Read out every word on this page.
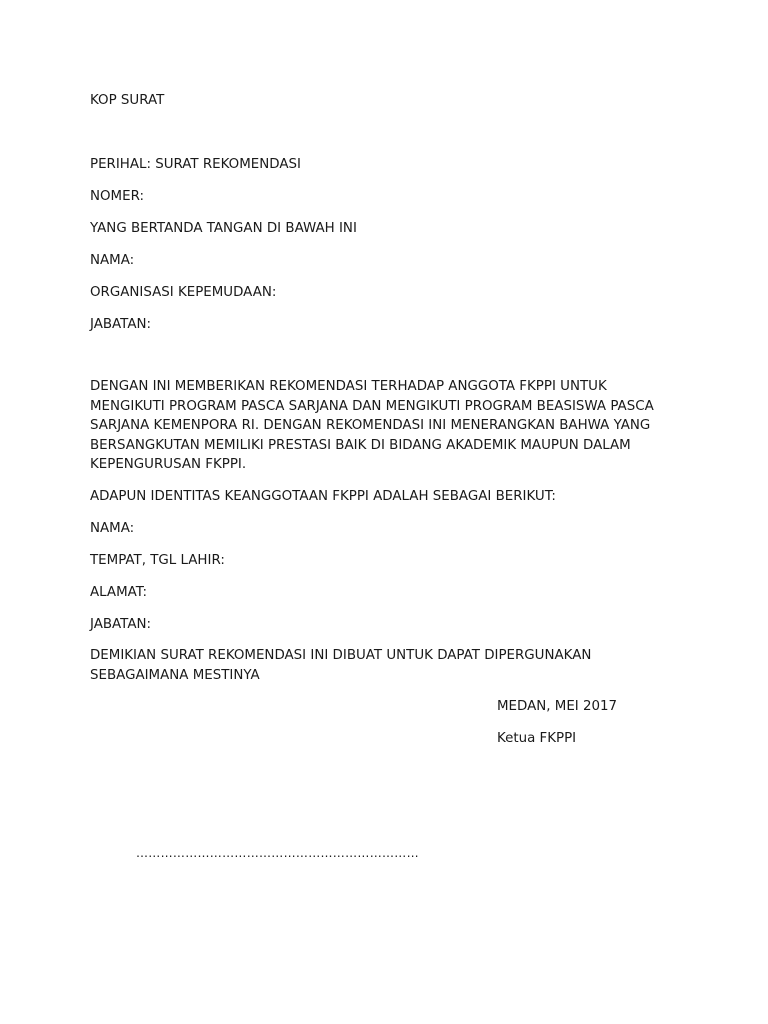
KOP SURAT
PERIHAL: SURAT REKOMENDASI
NOMER:
YANG BERTANDA TANGAN DI BAWAH INI
NAMA:
ORGANISASI KEPEMUDAAN:
JABATAN:
DENGAN INI MEMBERIKAN REKOMENDASI TERHADAP ANGGOTA FKPPI UNTUK
MENGIKUTI PROGRAM PASCA SARJANA DAN MENGIKUTI PROGRAM BEASISWA PASCA
SARJANA KEMENPORA RI. DENGAN REKOMENDASI INI MENERANGKAN BAHWA YANG
BERSANGKUTAN MEMILIKI PRESTASI BAIK DI BIDANG AKADEMIK MAUPUN DALAM
KEPENGURUSAN FKPPI.
ADAPUN IDENTITAS KEANGGOTAAN FKPPI ADALAH SEBAGAI BERIKUT:
NAMA:
TEMPAT, TGL LAHIR:
ALAMAT:
JABATAN:
DEMIKIAN SURAT REKOMENDASI INI DIBUAT UNTUK DAPAT DIPERGUNAKAN
SEBAGAIMANA MESTINYA
MEDAN, MEI 2017
Ketua FKPPI
……………………………………………………………
